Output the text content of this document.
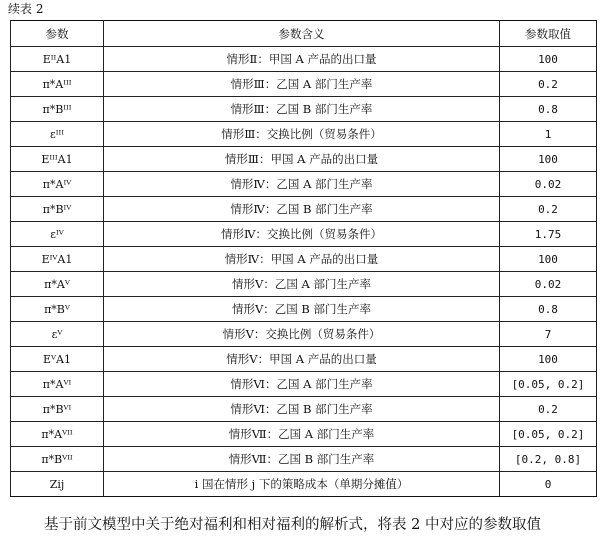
续表 2
参数	参数含义	参数取值
EᴵᴵA1	情形Ⅱ：甲国 A 产品的出口量	100
π*Aᴵᴵᴵ	情形Ⅲ：乙国 A 部门生产率	0.2
π*Bᴵᴵᴵ	情形Ⅲ：乙国 B 部门生产率	0.8
εᴵᴵᴵ	情形Ⅲ：交换比例（贸易条件）	1
EᴵᴵᴵA1	情形Ⅲ：甲国 A 产品的出口量	100
π*Aᴵⱽ	情形Ⅳ：乙国 A 部门生产率	0.02
π*Bᴵⱽ	情形Ⅳ：乙国 B 部门生产率	0.2
εᴵⱽ	情形Ⅳ：交换比例（贸易条件）	1.75
EᴵⱽA1	情形Ⅳ：甲国 A 产品的出口量	100
π*Aⱽ	情形Ⅴ：乙国 A 部门生产率	0.02
π*Bⱽ	情形Ⅴ：乙国 B 部门生产率	0.8
εⱽ	情形Ⅴ：交换比例（贸易条件）	7
EⱽA1	情形Ⅴ：甲国 A 产品的出口量	100
π*Aⱽᴵ	情形Ⅵ：乙国 A 部门生产率	[0.05, 0.2]
π*Bⱽᴵ	情形Ⅵ：乙国 B 部门生产率	0.2
π*Aⱽᴵᴵ	情形Ⅶ：乙国 A 部门生产率	[0.05, 0.2]
π*Bⱽᴵᴵ	情形Ⅶ：乙国 B 部门生产率	[0.2, 0.8]
Zij	i 国在情形 j 下的策略成本（单期分摊值）	0
基于前文模型中关于绝对福利和相对福利的解析式，将表 2 中对应的参数取值
